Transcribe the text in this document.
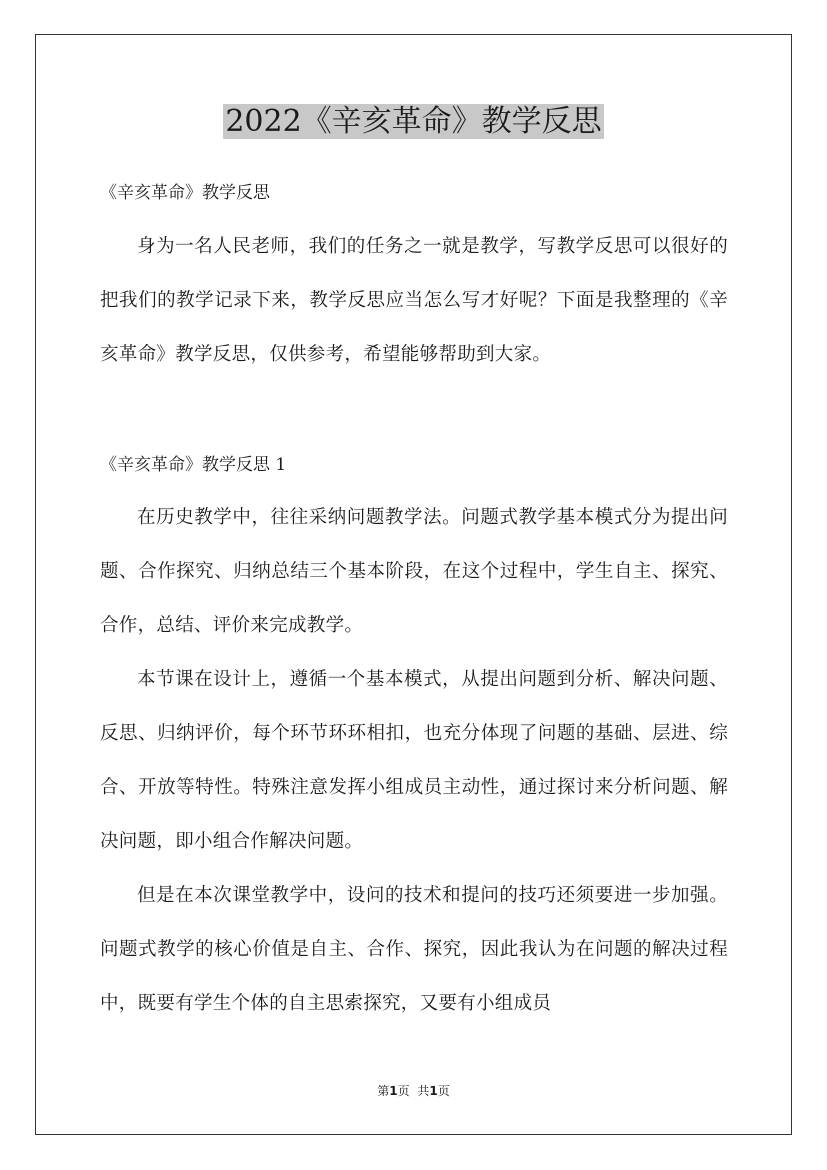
2022《辛亥革命》教学反思

《辛亥革命》教学反思

身为一名人民老师，我们的任务之一就是教学，写教学反思可以很好的把我们的教学记录下来，教学反思应当怎么写才好呢？下面是我整理的《辛亥革命》教学反思，仅供参考，希望能够帮助到大家。

《辛亥革命》教学反思 1

在历史教学中，往往采纳问题教学法。问题式教学基本模式分为提出问题、合作探究、归纳总结三个基本阶段，在这个过程中，学生自主、探究、合作，总结、评价来完成教学。

本节课在设计上，遵循一个基本模式，从提出问题到分析、解决问题、反思、归纳评价，每个环节环环相扣，也充分体现了问题的基础、层进、综合、开放等特性。特殊注意发挥小组成员主动性，通过探讨来分析问题、解决问题，即小组合作解决问题。

但是在本次课堂教学中，设问的技术和提问的技巧还须要进一步加强。问题式教学的核心价值是自主、合作、探究，因此我认为在问题的解决过程中，既要有学生个体的自主思索探究，又要有小组成员

第1页 共1页
